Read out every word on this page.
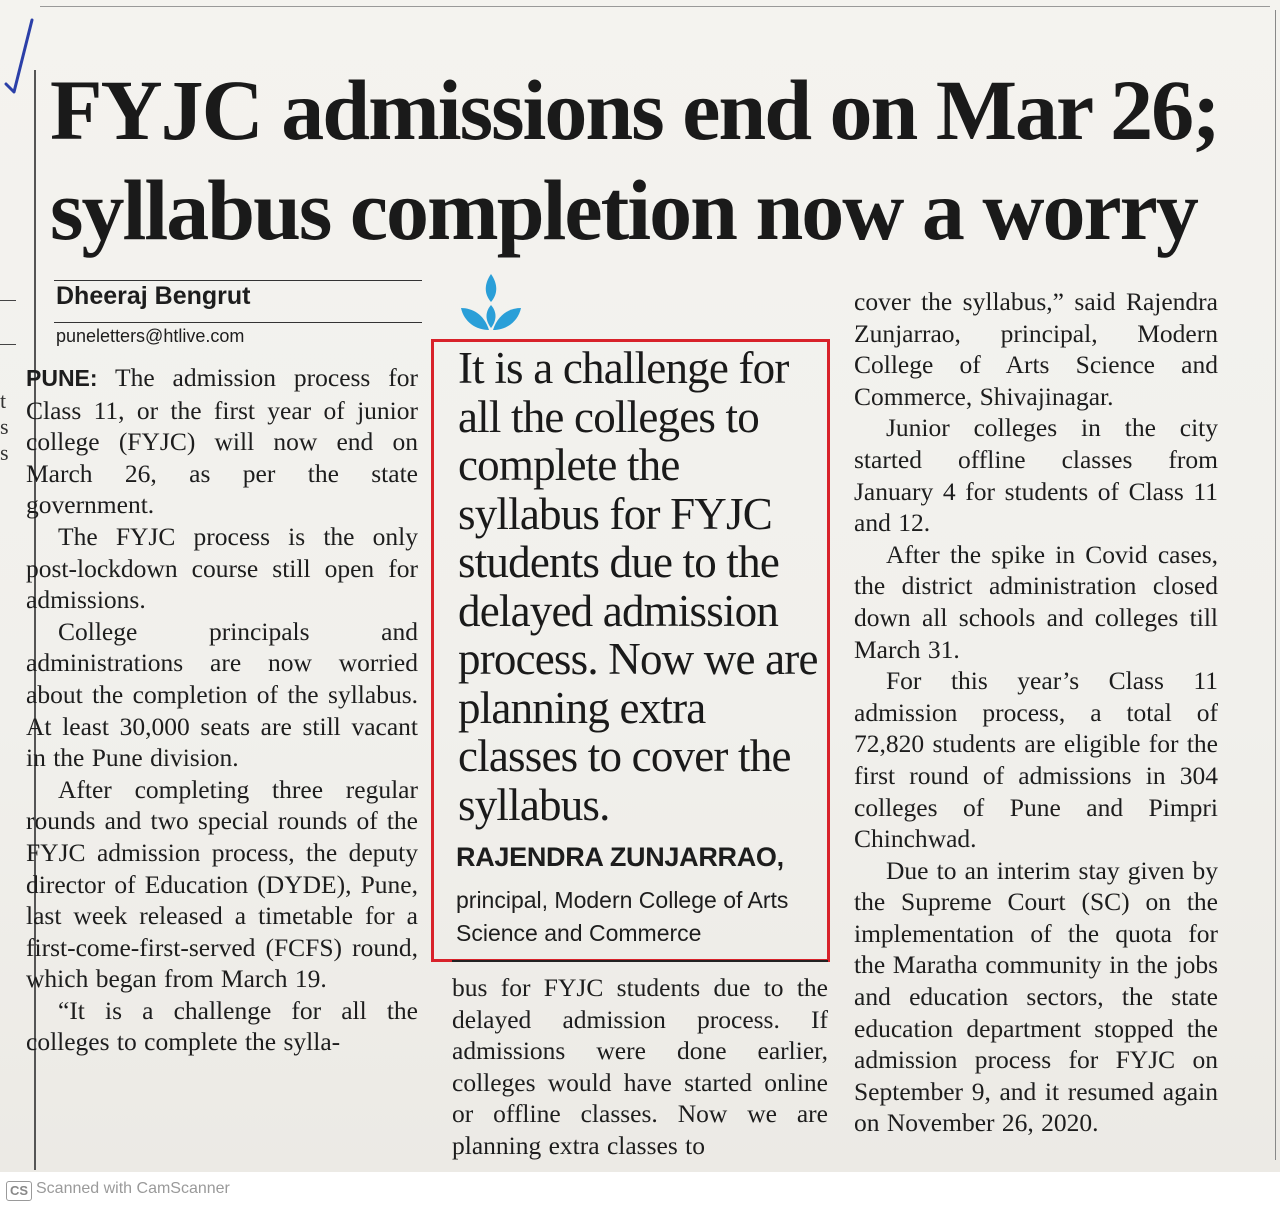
t
s
s
FYJC admissions end on Mar 26;
syllabus completion now a worry
Dheeraj Bengrut
puneletters@htlive.com

PUNE: The admission process for Class 11, or the first year of junior college (FYJC) will now end on March 26, as per the state government.

The FYJC process is the only post-lockdown course still open for admissions.

College principals and administrations are now worried about the completion of the syllabus. At least 30,000 seats are still vacant in the Pune division.

After completing three regular rounds and two special rounds of the FYJC admission process, the deputy director of Education (DYDE), Pune, last week released a timetable for a first-come-first-served (FCFS) round, which began from March 19.

“It is a challenge for all the colleges to complete the sylla-

It is a challenge for all the colleges to complete the syllabus for FYJC students due to the delayed admission process. Now we are planning extra classes to cover the syllabus.

RAJENDRA ZUNJARRAO,
principal, Modern College of Arts Science and Commerce

bus for FYJC students due to the delayed admission process. If admissions were done earlier, colleges would have started online or offline classes. Now we are planning extra classes to

cover the syllabus,” said Rajendra Zunjarrao, principal, Modern College of Arts Science and Commerce, Shivajinagar.

Junior colleges in the city started offline classes from January 4 for students of Class 11 and 12.

After the spike in Covid cases, the district administration closed down all schools and colleges till March 31.

For this year’s Class 11 admission process, a total of 72,820 students are eligible for the first round of admissions in 304 colleges of Pune and Pimpri Chinchwad.

Due to an interim stay given by the Supreme Court (SC) on the implementation of the quota for the Maratha community in the jobs and education sectors, the state education department stopped the admission process for FYJC on September 9, and it resumed again on November 26, 2020.

CS Scanned with CamScanner
